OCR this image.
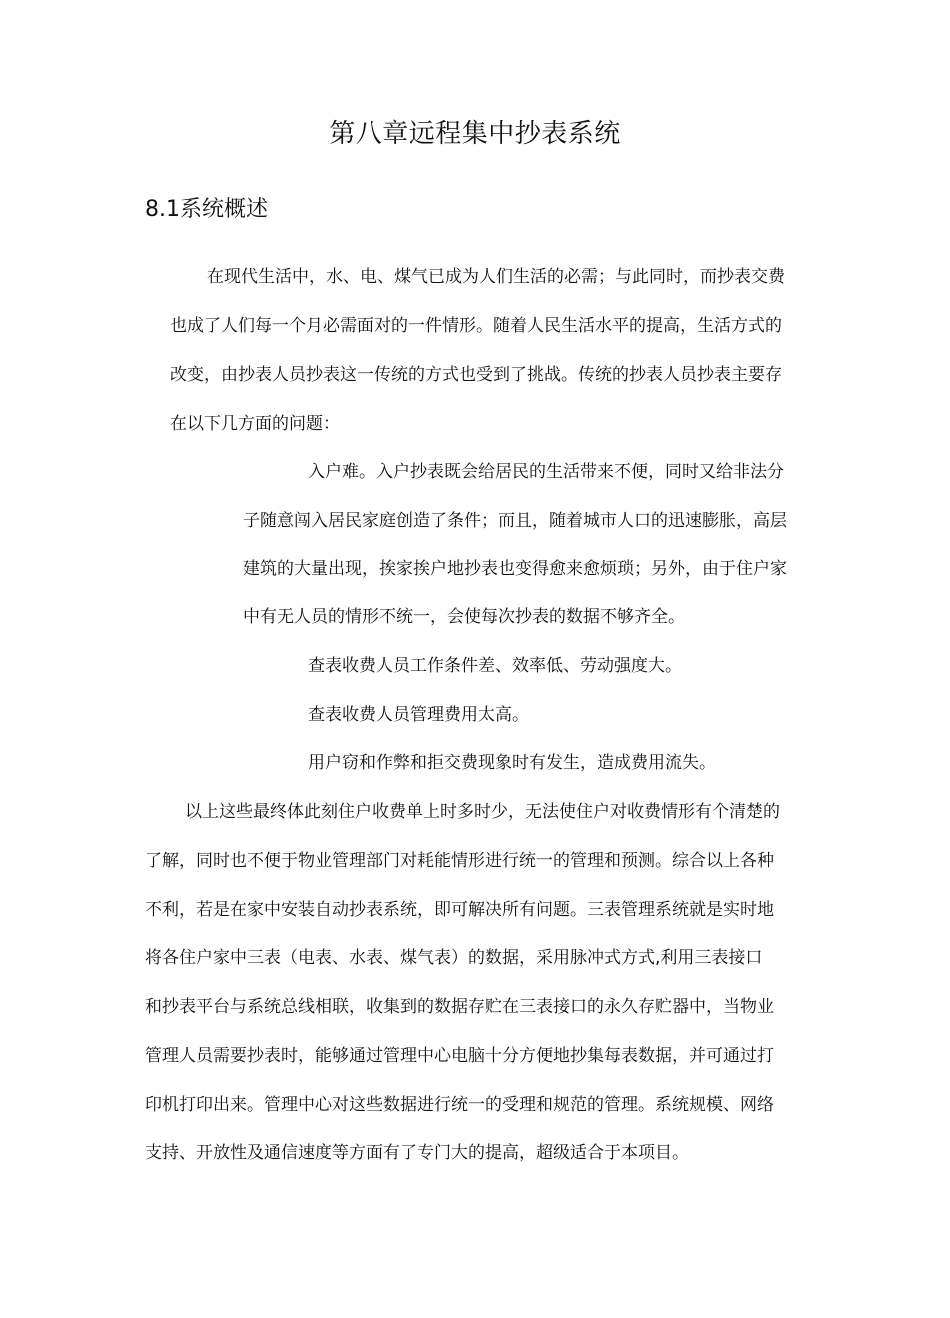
第八章远程集中抄表系统
8.1系统概述
在现代生活中，水、电、煤气已成为人们生活的必需；与此同时，而抄表交费
也成了人们每一个月必需面对的一件情形。随着人民生活水平的提高，生活方式的
改变，由抄表人员抄表这一传统的方式也受到了挑战。传统的抄表人员抄表主要存
在以下几方面的问题：
入户难。入户抄表既会给居民的生活带来不便，同时又给非法分
子随意闯入居民家庭创造了条件；而且，随着城市人口的迅速膨胀，高层
建筑的大量出现，挨家挨户地抄表也变得愈来愈烦琐；另外，由于住户家
中有无人员的情形不统一，会使每次抄表的数据不够齐全。
查表收费人员工作条件差、效率低、劳动强度大。
查表收费人员管理费用太高。
用户窃和作弊和拒交费现象时有发生，造成费用流失。
以上这些最终体此刻住户收费单上时多时少，无法使住户对收费情形有个清楚的
了解，同时也不便于物业管理部门对耗能情形进行统一的管理和预测。综合以上各种
不利，若是在家中安装自动抄表系统，即可解决所有问题。三表管理系统就是实时地
将各住户家中三表（电表、水表、煤气表）的数据，采用脉冲式方式,利用三表接口
和抄表平台与系统总线相联，收集到的数据存贮在三表接口的永久存贮器中，当物业
管理人员需要抄表时，能够通过管理中心电脑十分方便地抄集每表数据，并可通过打
印机打印出来。管理中心对这些数据进行统一的受理和规范的管理。系统规模、网络
支持、开放性及通信速度等方面有了专门大的提高，超级适合于本项目。
